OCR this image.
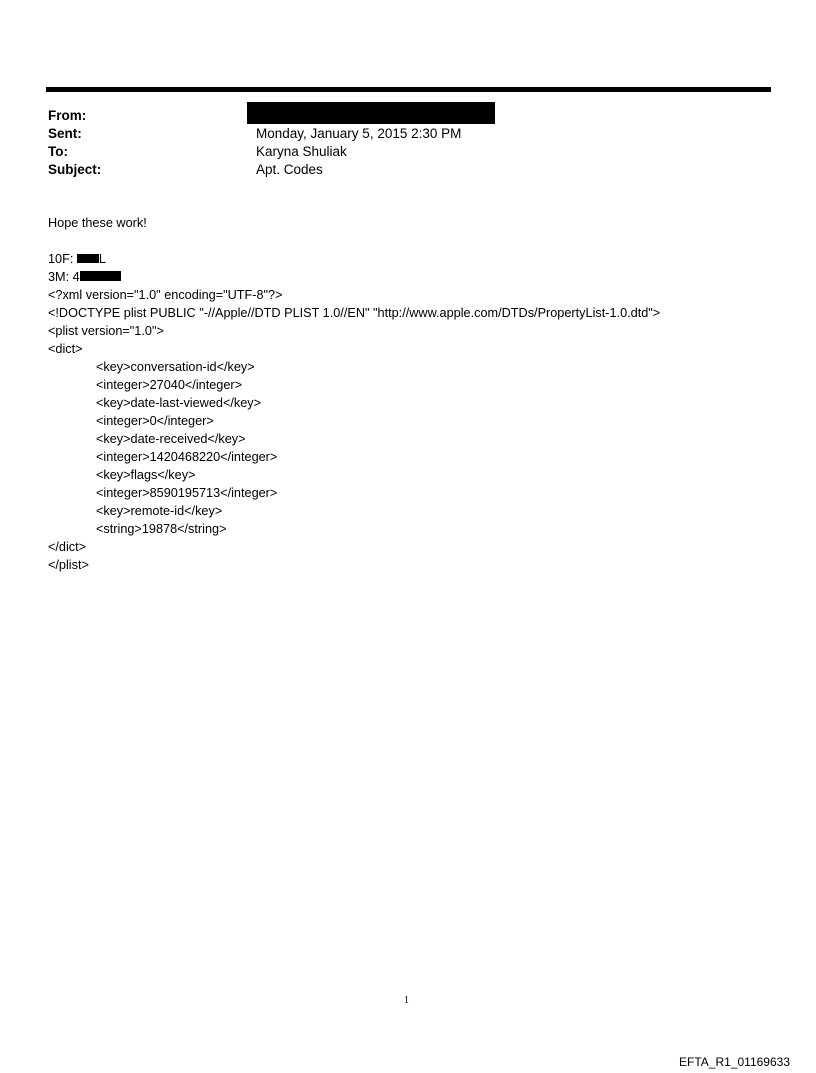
From:
Sent:	Monday, January 5, 2015 2:30 PM
To:	Karyna Shuliak
Subject:	Apt. Codes
Hope these work!
10F: L
3M: 4
<?xml version="1.0" encoding="UTF-8"?>
<!DOCTYPE plist PUBLIC "-//Apple//DTD PLIST 1.0//EN" "http://www.apple.com/DTDs/PropertyList-1.0.dtd">
<plist version="1.0">
<dict>
<key>conversation-id</key>
<integer>27040</integer>
<key>date-last-viewed</key>
<integer>0</integer>
<key>date-received</key>
<integer>1420468220</integer>
<key>flags</key>
<integer>8590195713</integer>
<key>remote-id</key>
<string>19878</string>
</dict>
</plist>
1
EFTA_R1_01169633
